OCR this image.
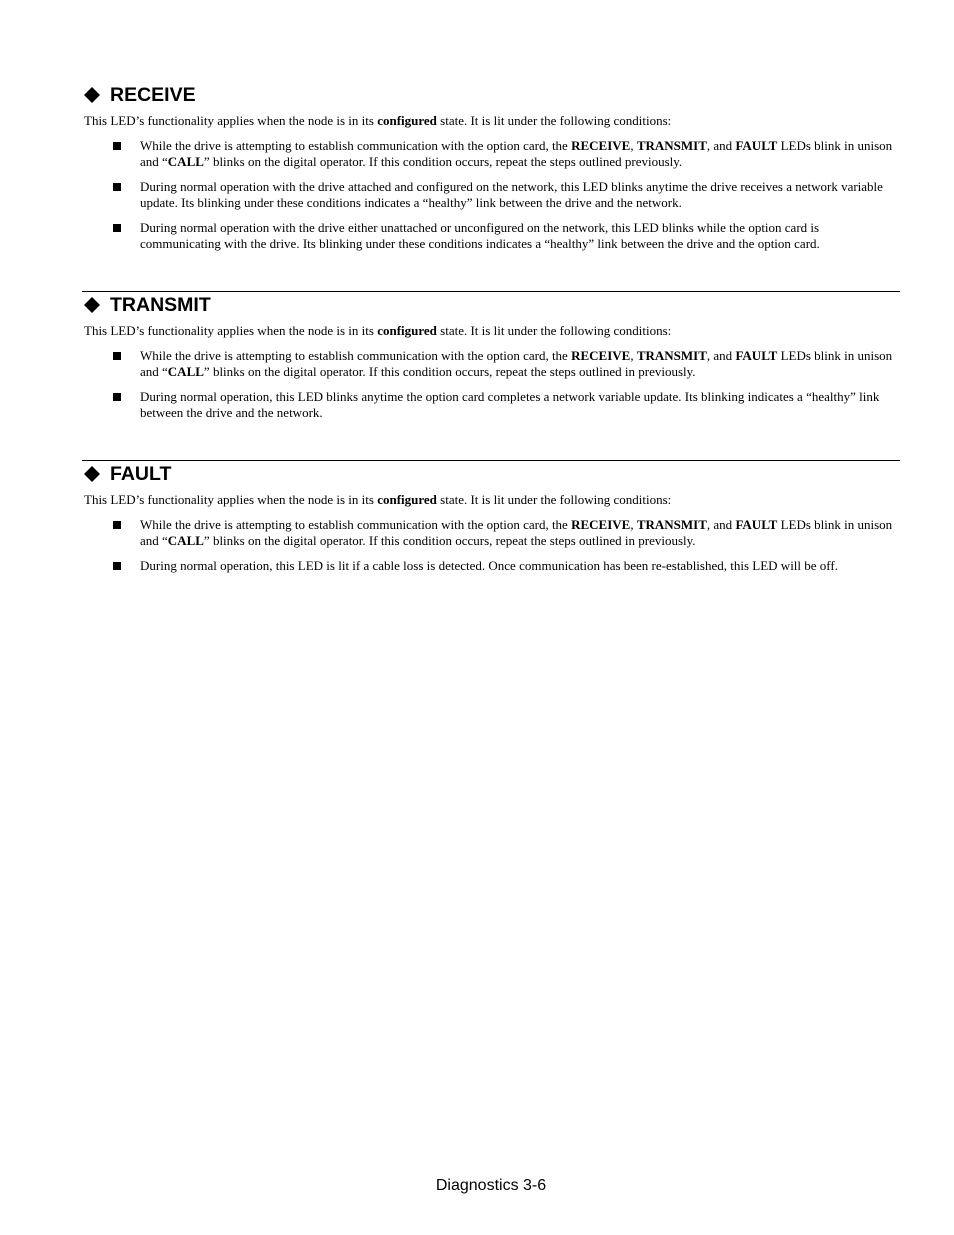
RECEIVE

This LED’s functionality applies when the node is in its configured state. It is lit under the following conditions:

While the drive is attempting to establish communication with the option card, the RECEIVE, TRANSMIT, and FAULT LEDs blink in unison and “CALL” blinks on the digital operator. If this condition occurs, repeat the steps outlined previously.
During normal operation with the drive attached and configured on the network, this LED blinks anytime the drive receives a network variable update. Its blinking under these conditions indicates a “healthy” link between the drive and the network.
During normal operation with the drive either unattached or unconfigured on the network, this LED blinks while the option card is communicating with the drive. Its blinking under these conditions indicates a “healthy” link between the drive and the option card.
TRANSMIT

This LED’s functionality applies when the node is in its configured state. It is lit under the following conditions:

While the drive is attempting to establish communication with the option card, the RECEIVE, TRANSMIT, and FAULT LEDs blink in unison and “CALL” blinks on the digital operator. If this condition occurs, repeat the steps outlined in previously.
During normal operation, this LED blinks anytime the option card completes a network variable update. Its blinking indicates a “healthy” link between the drive and the network.
FAULT

This LED’s functionality applies when the node is in its configured state. It is lit under the following conditions:

While the drive is attempting to establish communication with the option card, the RECEIVE, TRANSMIT, and FAULT LEDs blink in unison and “CALL” blinks on the digital operator. If this condition occurs, repeat the steps outlined in previously.
During normal operation, this LED is lit if a cable loss is detected. Once communication has been re-established, this LED will be off.
Diagnostics 3-6
